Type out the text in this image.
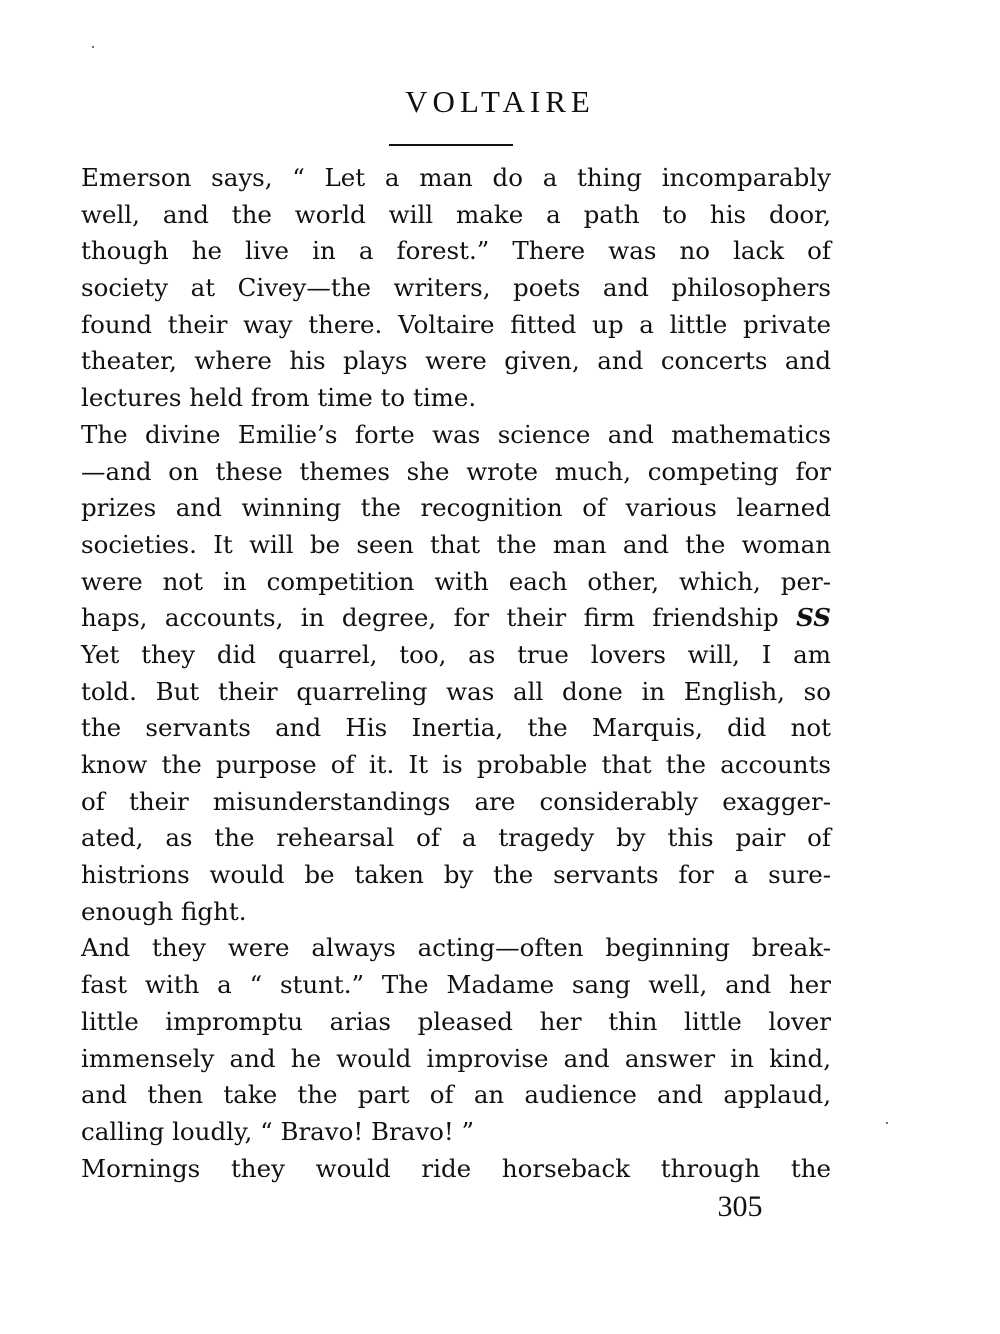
VOLTAIRE
Emerson says, “ Let a man do a thing incomparably
well, and the world will make a path to his door,
though he live in a forest.” There was no lack of
society at Civey—the writers, poets and philosophers
found their way there. Voltaire fitted up a little private
theater, where his plays were given, and concerts and
lectures held from time to time.
The divine Emilie’s forte was science and mathematics
—and on these themes she wrote much, competing for
prizes and winning the recognition of various learned
societies. It will be seen that the man and the woman
were not in competition with each other, which, per-
haps, accounts, in degree, for their firm friendship SS
Yet they did quarrel, too, as true lovers will, I am
told. But their quarreling was all done in English, so
the servants and His Inertia, the Marquis, did not
know the purpose of it. It is probable that the accounts
of their misunderstandings are considerably exagger-
ated, as the rehearsal of a tragedy by this pair of
histrions would be taken by the servants for a sure-
enough fight.
And they were always acting—often beginning break-
fast with a “ stunt.” The Madame sang well, and her
little impromptu arias pleased her thin little lover
immensely and he would improvise and answer in kind,
and then take the part of an audience and applaud,
calling loudly, “ Bravo! Bravo! ”
Mornings they would ride horseback through the
305
